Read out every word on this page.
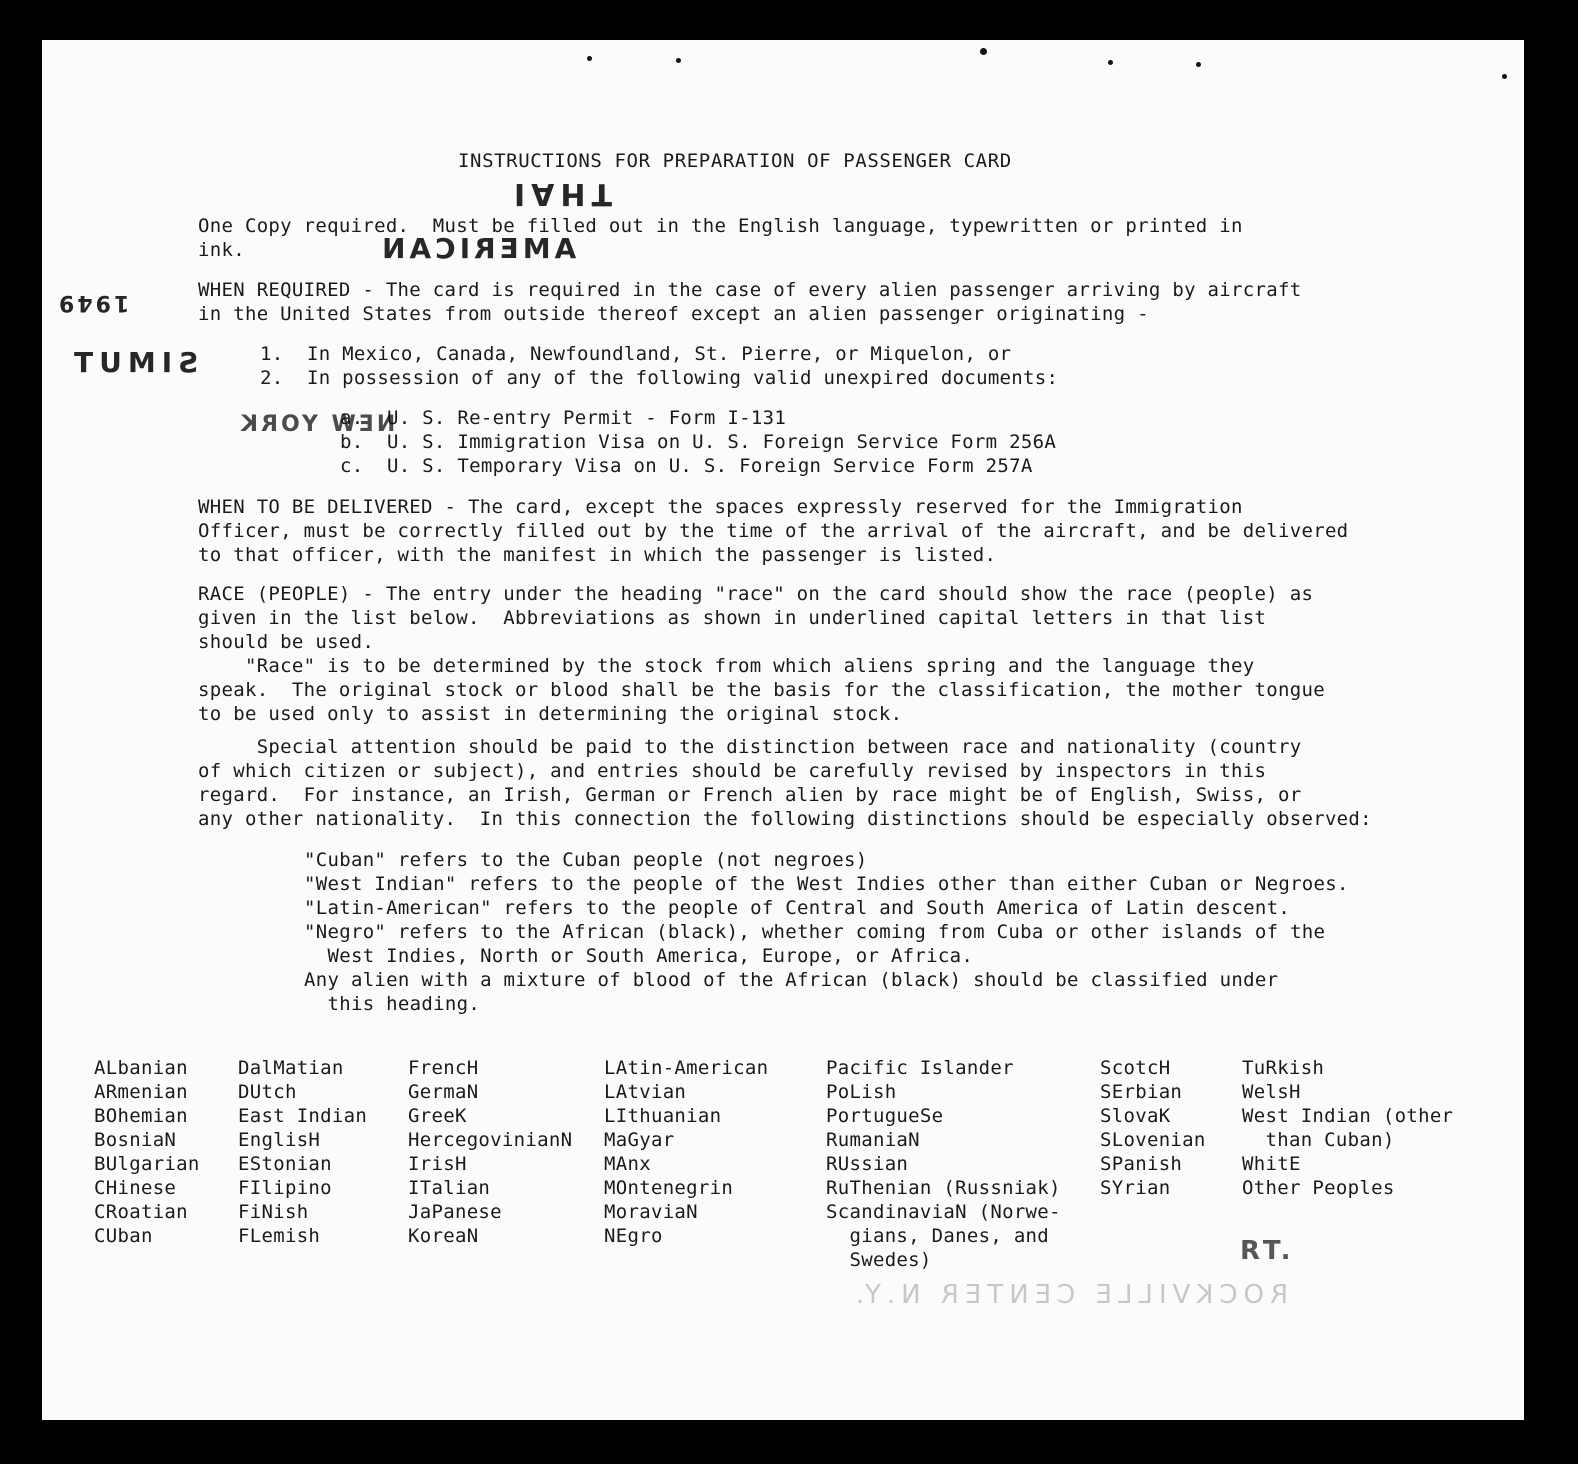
INSTRUCTIONS FOR PREPARATION OF PASSENGER CARD
One Copy required.  Must be filled out in the English language, typewritten or printed in
ink.
WHEN REQUIRED - The card is required in the case of every alien passenger arriving by aircraft
in the United States from outside thereof except an alien passenger originating -
1.  In Mexico, Canada, Newfoundland, St. Pierre, or Miquelon, or
2.  In possession of any of the following valid unexpired documents:
a.  U. S. Re-entry Permit - Form I-131
b.  U. S. Immigration Visa on U. S. Foreign Service Form 256A
c.  U. S. Temporary Visa on U. S. Foreign Service Form 257A
WHEN TO BE DELIVERED - The card, except the spaces expressly reserved for the Immigration
Officer, must be correctly filled out by the time of the arrival of the aircraft, and be delivered
to that officer, with the manifest in which the passenger is listed.
RACE (PEOPLE) - The entry under the heading "race" on the card should show the race (people) as
given in the list below.  Abbreviations as shown in underlined capital letters in that list
should be used.
"Race" is to be determined by the stock from which aliens spring and the language they
speak.  The original stock or blood shall be the basis for the classification, the mother tongue
to be used only to assist in determining the original stock.
Special attention should be paid to the distinction between race and nationality (country
of which citizen or subject), and entries should be carefully revised by inspectors in this
regard.  For instance, an Irish, German or French alien by race might be of English, Swiss, or
any other nationality.  In this connection the following distinctions should be especially observed:
"Cuban" refers to the Cuban people (not negroes)
"West Indian" refers to the people of the West Indies other than either Cuban or Negroes.
"Latin-American" refers to the people of Central and South America of Latin descent.
"Negro" refers to the African (black), whether coming from Cuba or other islands of the
West Indies, North or South America, Europe, or Africa.
Any alien with a mixture of blood of the African (black) should be classified under
this heading.
ALbanian
ARmenian
BOhemian
BosniaN
BUlgarian
CHinese
CRoatian
CUban
DalMatian
DUtch
East Indian
EnglisH
EStonian
FIlipino
FiNish
FLemish
FrencH
GermaN
GreeK
HercegovinianN
IrisH
ITalian
JaPanese
KoreaN
LAtin-American
LAtvian
LIthuanian
MaGyar
MAnx
MOntenegrin
MoraviaN
NEgro
Pacific Islander
PoLish
PortugueSe
RumaniaN
RUssian
RuThenian (Russniak)
ScandinaviaN (Norwe-
gians, Danes, and
Swedes)
ScotcH
SErbian
SlovaK
SLovenian
SPanish
SYrian
TuRkish
WelsH
West Indian (other
than Cuban)
WhitE
Other Peoples
THAI
AMERICAN
1949
SIMUT
NEW YORK
ROCKVILLE CENTER N.Y.
RT.
